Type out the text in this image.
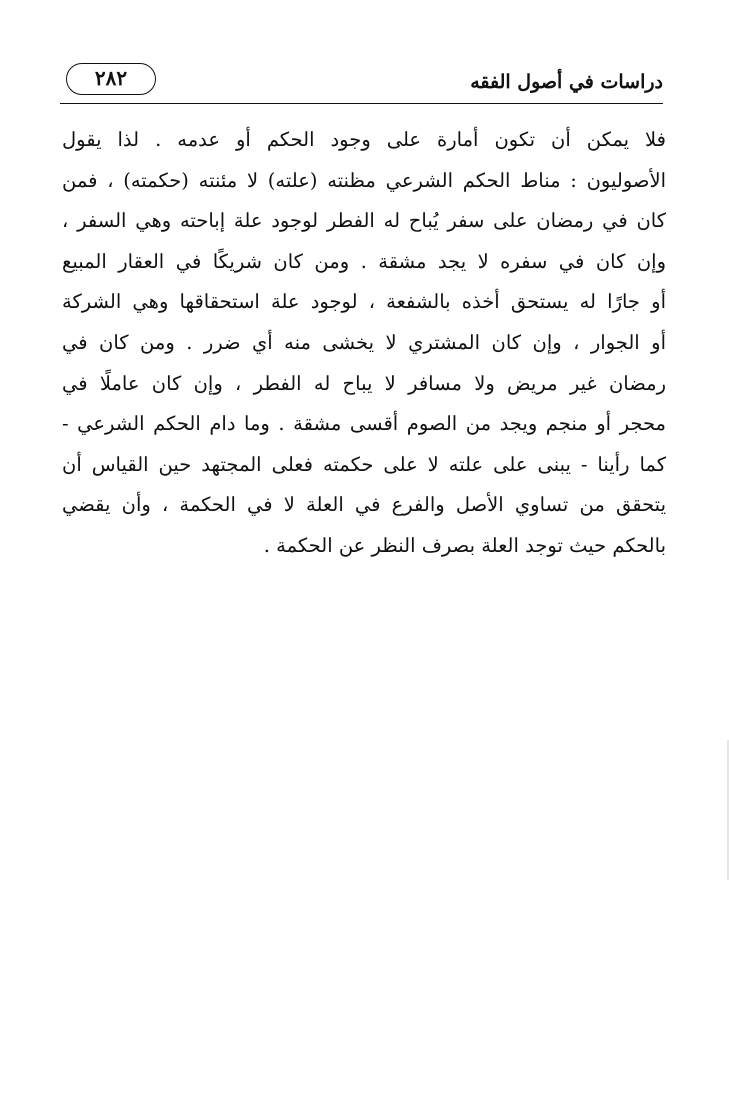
دراسات في أصول الفقه
٢٨٢
فلا يمكن أن تكون أمارة على وجود الحكم أو عدمه . لذا يقول
الأصوليون : مناط الحكم الشرعي مظنته (علته) لا مئنته (حكمته) ، فمن
كان في رمضان على سفر يُباح له الفطر لوجود علة إباحته وهي السفر ،
وإن كان في سفره لا يجد مشقة . ومن كان شريكًا في العقار المبيع
أو جارًا له يستحق أخذه بالشفعة ، لوجود علة استحقاقها وهي الشركة
أو الجوار ، وإن كان المشتري لا يخشى منه أي ضرر . ومن كان في
رمضان غير مريض ولا مسافر لا يباح له الفطر ، وإن كان عاملًا في
محجر أو منجم ويجد من الصوم أقسى مشقة . وما دام الحكم الشرعي -
كما رأينا - يبنى على علته لا على حكمته فعلى المجتهد حين القياس أن
يتحقق من تساوي الأصل والفرع في العلة لا في الحكمة ، وأن يقضي
بالحكم حيث توجد العلة بصرف النظر عن الحكمة .
